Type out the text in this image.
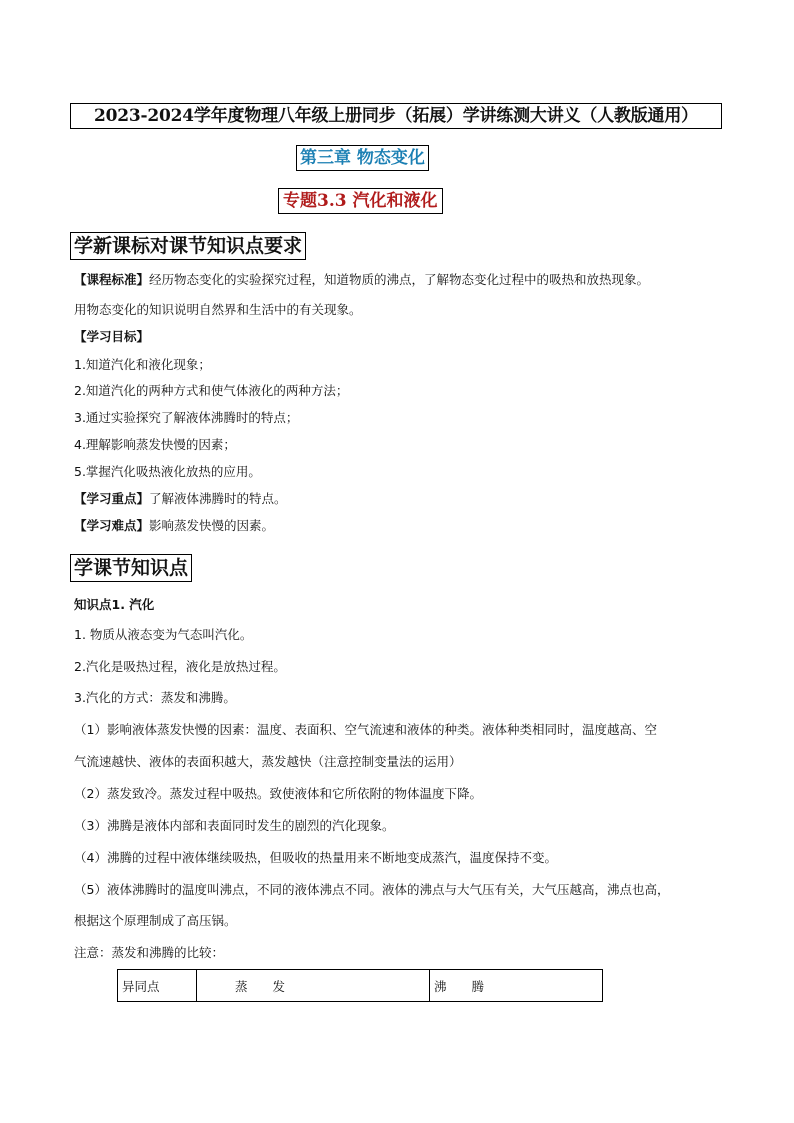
2023-2024学年度物理八年级上册同步（拓展）学讲练测大讲义（人教版通用）
第三章 物态变化
专题3.3 汽化和液化
学新课标对课节知识点要求
【课程标准】经历物态变化的实验探究过程，知道物质的沸点，了解物态变化过程中的吸热和放热现象。
用物态变化的知识说明自然界和生活中的有关现象。
【学习目标】
1.知道汽化和液化现象；
2.知道汽化的两种方式和使气体液化的两种方法；
3.通过实验探究了解液体沸腾时的特点；
4.理解影响蒸发快慢的因素；
5.掌握汽化吸热液化放热的应用。
【学习重点】了解液体沸腾时的特点。
【学习难点】影响蒸发快慢的因素。
学课节知识点
知识点1. 汽化
1. 物质从液态变为气态叫汽化。
2.汽化是吸热过程，液化是放热过程。
3.汽化的方式：蒸发和沸腾。
（1）影响液体蒸发快慢的因素：温度、表面积、空气流速和液体的种类。液体种类相同时，温度越高、空
气流速越快、液体的表面积越大，蒸发越快（注意控制变量法的运用）
（2）蒸发致冷。蒸发过程中吸热。致使液体和它所依附的物体温度下降。
（3）沸腾是液体内部和表面同时发生的剧烈的汽化现象。
（4）沸腾的过程中液体继续吸热，但吸收的热量用来不断地变成蒸汽，温度保持不变。
（5）液体沸腾时的温度叫沸点，不同的液体沸点不同。液体的沸点与大气压有关，大气压越高，沸点也高，
根据这个原理制成了高压锅。
注意：蒸发和沸腾的比较：
异同点	蒸　　发	沸　　腾
